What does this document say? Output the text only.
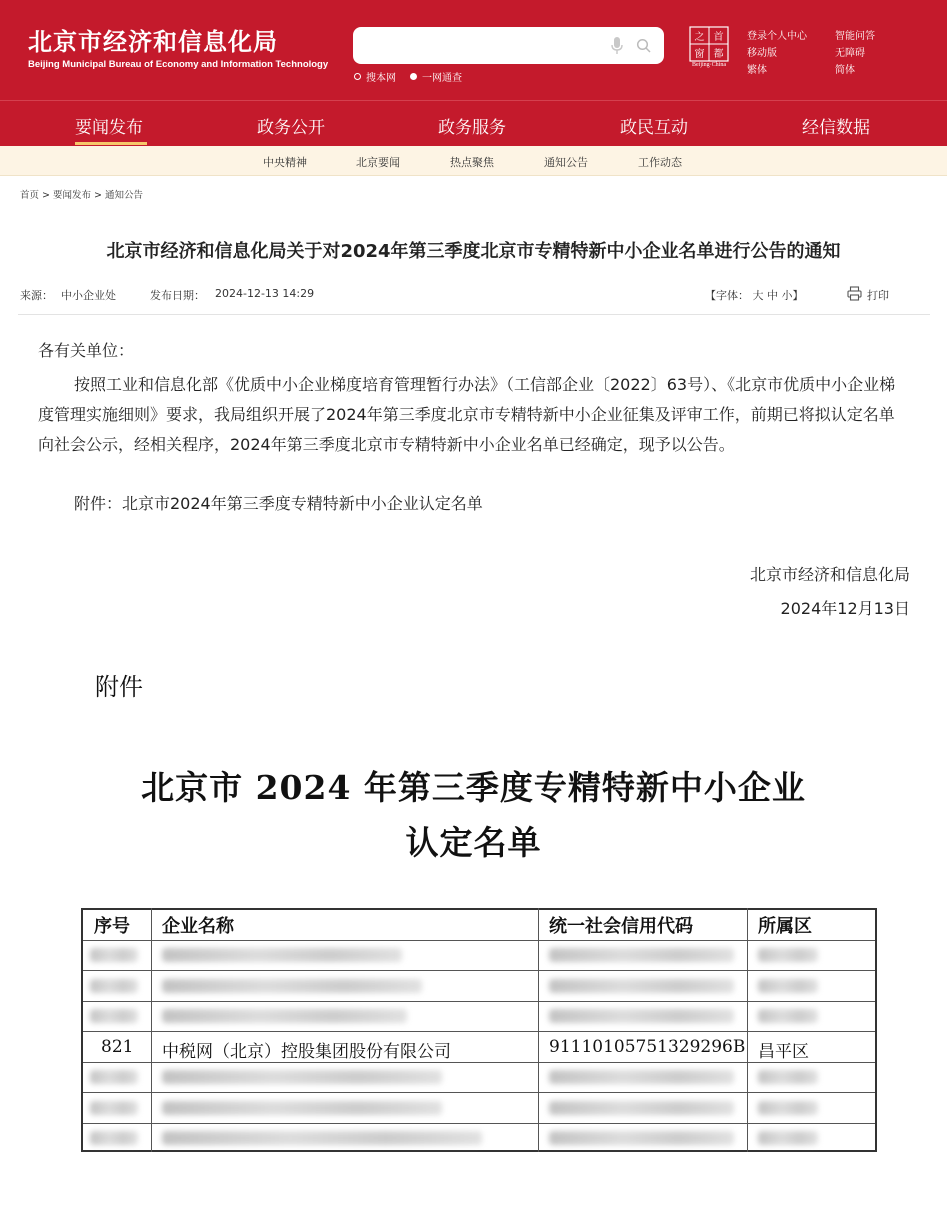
北京市经济和信息化局
Beijing Municipal Bureau of Economy and Information Technology
搜本网	一网通查
之 首
窗 都
Beijing·China
登录个人中心	智能问答
移动版	无障碍
繁体	简体
要闻发布	政务公开	政务服务	政民互动	经信数据
中央精神	北京要闻	热点聚焦	通知公告	工作动态
首页 > 要闻发布 > 通知公告
北京市经济和信息化局关于对2024年第三季度北京市专精特新中小企业名单进行公告的通知
来源： 中小企业处	发布日期： 2024-12-13 14:29	【字体： 大 中 小】	打印
各有关单位：

按照工业和信息化部《优质中小企业梯度培育管理暂行办法》（工信部企业〔2022〕63号）、《北京市优质中小企业梯度管理实施细则》要求，我局组织开展了2024年第三季度北京市专精特新中小企业征集及评审工作，前期已将拟认定名单向社会公示，经相关程序，2024年第三季度北京市专精特新中小企业名单已经确定，现予以公告。

附件：北京市2024年第三季度专精特新中小企业认定名单
北京市经济和信息化局
2024年12月13日
附件
北京市 2024 年第三季度专精特新中小企业
认定名单
序号 企业名称	统一社会信用代码	所属区
821 中税网（北京）控股集团股份有限公司	91110105751329296B 昌平区
